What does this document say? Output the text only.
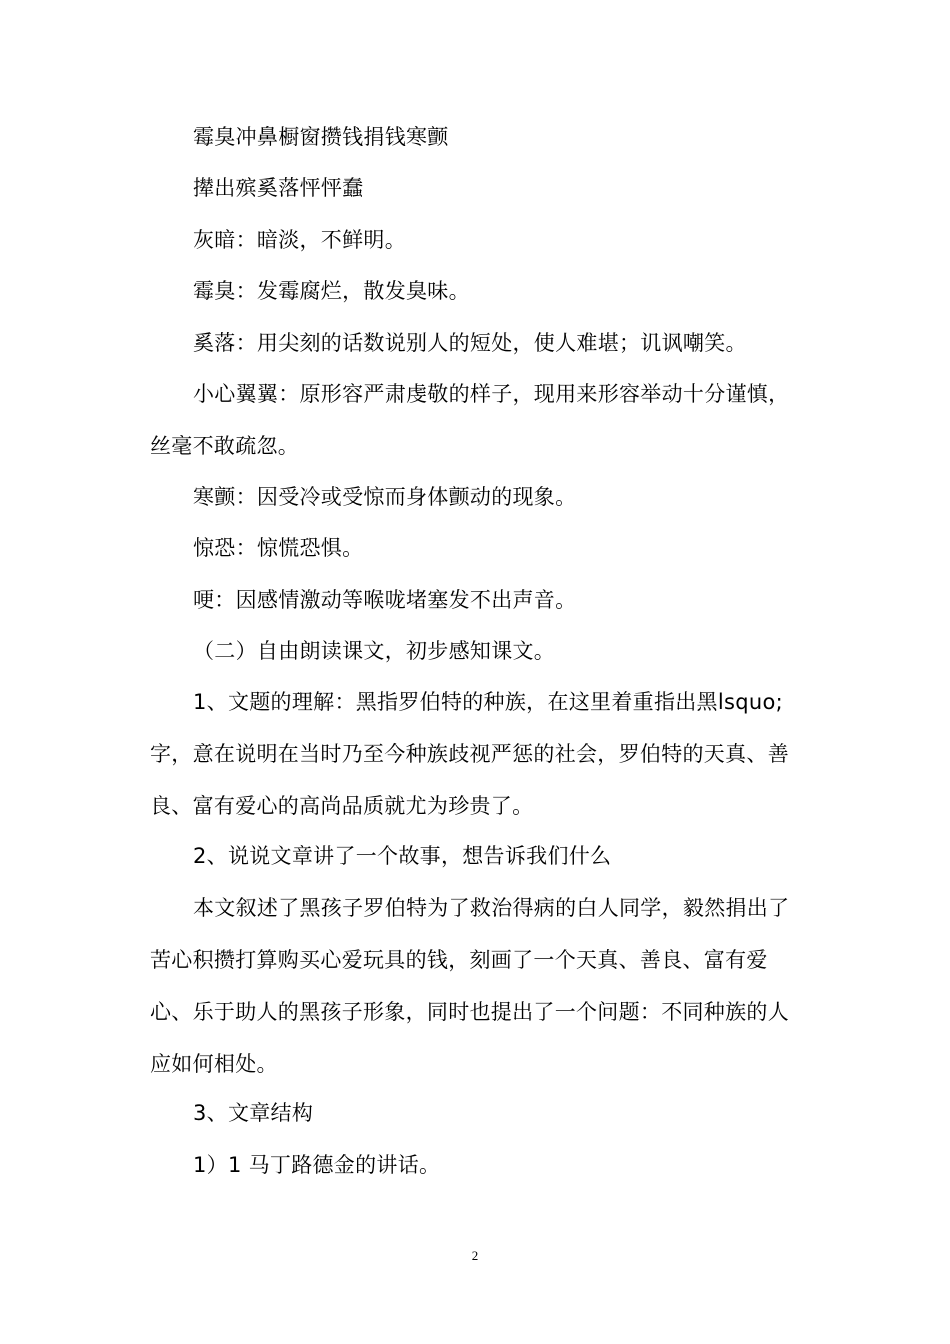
霉臭冲鼻橱窗攒钱捐钱寒颤

撵出殡奚落怦怦蠢

灰暗：暗淡，不鲜明。

霉臭：发霉腐烂，散发臭味。

奚落：用尖刻的话数说别人的短处，使人难堪；讥讽嘲笑。

小心翼翼：原形容严肃虔敬的样子，现用来形容举动十分谨慎，丝毫不敢疏忽。

寒颤：因受冷或受惊而身体颤动的现象。

惊恐：惊慌恐惧。

哽：因感情激动等喉咙堵塞发不出声音。

（二）自由朗读课文，初步感知课文。

1、文题的理解：黑指罗伯特的种族，在这里着重指出黑lsquo;字，意在说明在当时乃至今种族歧视严惩的社会，罗伯特的天真、善良、富有爱心的高尚品质就尤为珍贵了。

2、说说文章讲了一个故事，想告诉我们什么

本文叙述了黑孩子罗伯特为了救治得病的白人同学，毅然捐出了苦心积攒打算购买心爱玩具的钱，刻画了一个天真、善良、富有爱心、乐于助人的黑孩子形象，同时也提出了一个问题：不同种族的人应如何相处。

3、文章结构

1）1 马丁路德金的讲话。

2
